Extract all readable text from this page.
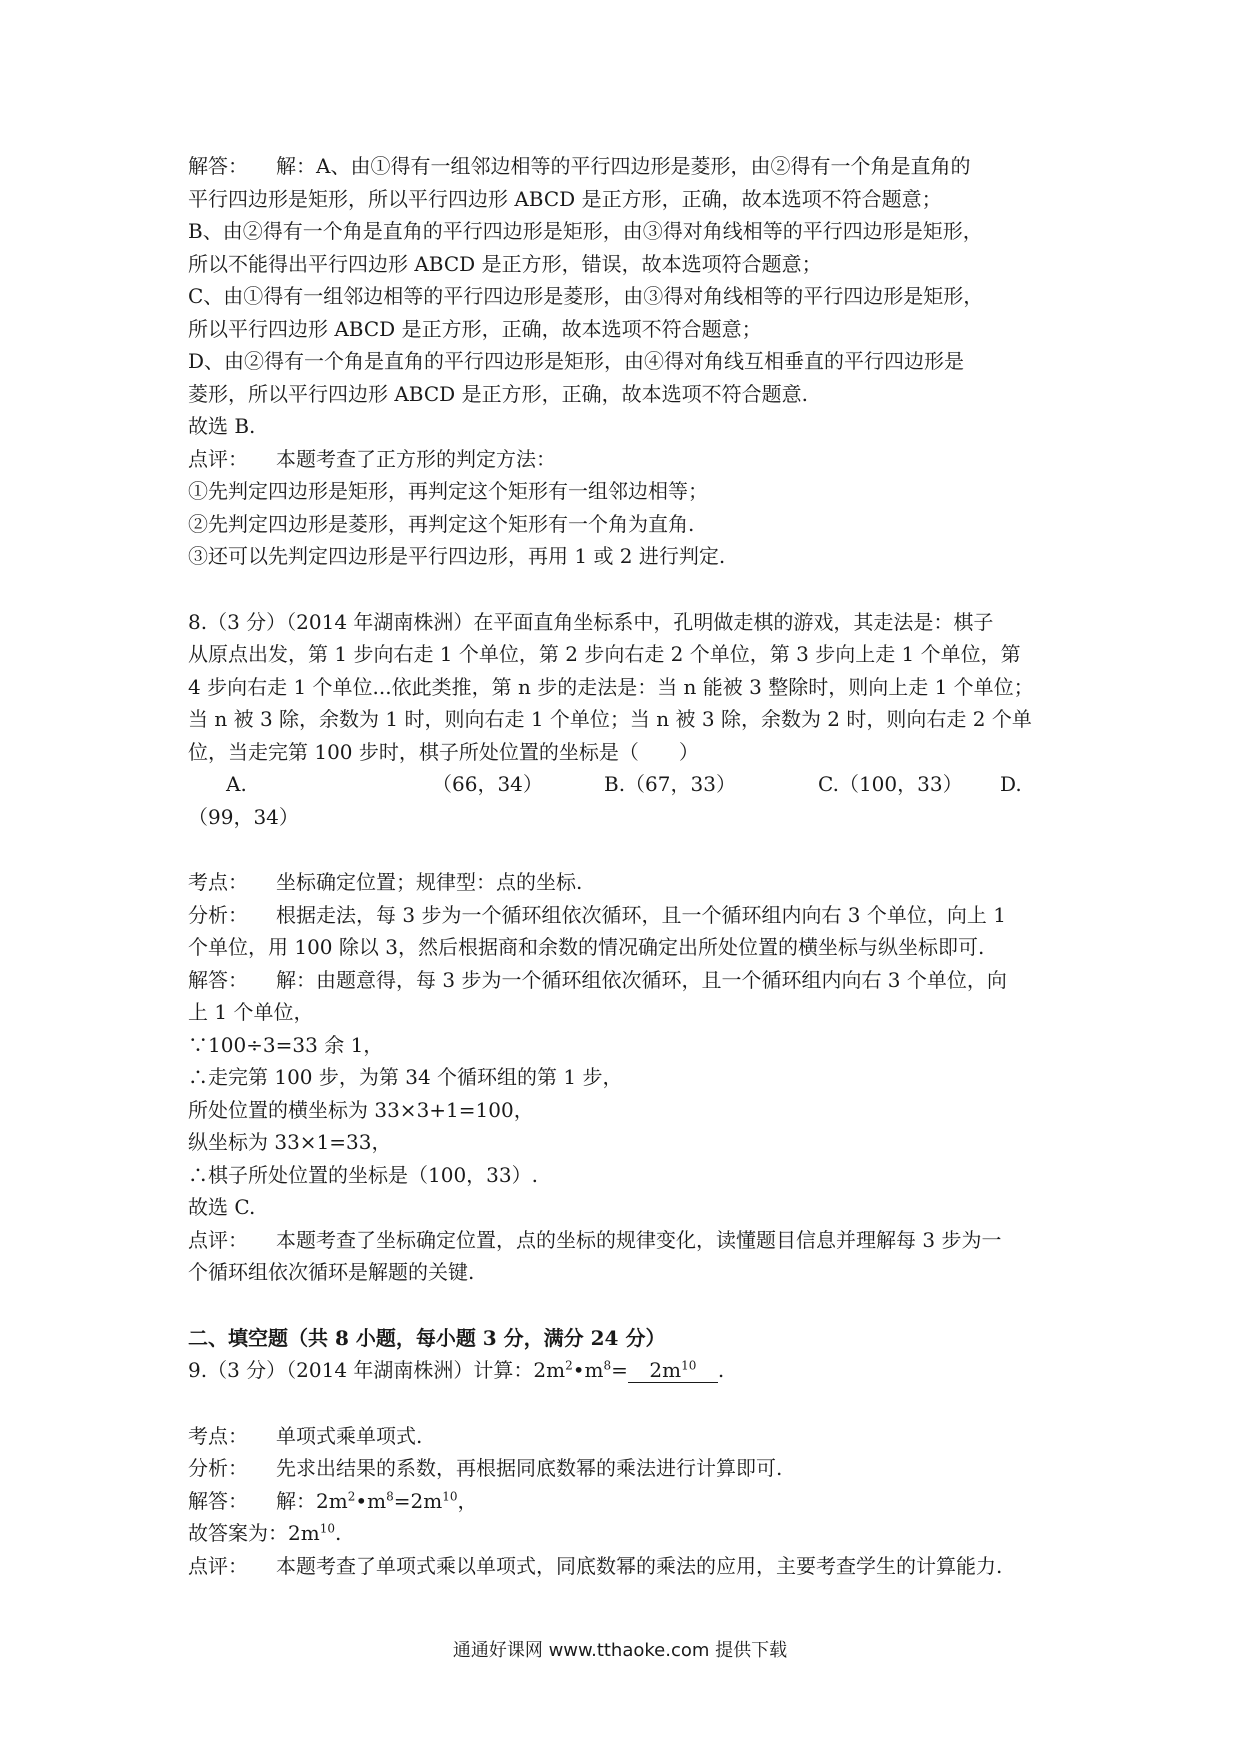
解答： 解：A、由①得有一组邻边相等的平行四边形是菱形，由②得有一个角是直角的
平行四边形是矩形，所以平行四边形 ABCD 是正方形，正确，故本选项不符合题意；
B、由②得有一个角是直角的平行四边形是矩形，由③得对角线相等的平行四边形是矩形，
所以不能得出平行四边形 ABCD 是正方形，错误，故本选项符合题意；
C、由①得有一组邻边相等的平行四边形是菱形，由③得对角线相等的平行四边形是矩形，
所以平行四边形 ABCD 是正方形，正确，故本选项不符合题意；
D、由②得有一个角是直角的平行四边形是矩形，由④得对角线互相垂直的平行四边形是
菱形，所以平行四边形 ABCD 是正方形，正确，故本选项不符合题意.
故选 B.
点评： 本题考查了正方形的判定方法：
①先判定四边形是矩形，再判定这个矩形有一组邻边相等；
②先判定四边形是菱形，再判定这个矩形有一个角为直角.
③还可以先判定四边形是平行四边形，再用 1 或 2 进行判定.
8.（3 分）（2014 年湖南株洲）在平面直角坐标系中，孔明做走棋的游戏，其走法是：棋子
从原点出发，第 1 步向右走 1 个单位，第 2 步向右走 2 个单位，第 3 步向上走 1 个单位，第
4 步向右走 1 个单位...依此类推，第 n 步的走法是：当 n 能被 3 整除时，则向上走 1 个单位；
当 n 被 3 除，余数为 1 时，则向右走 1 个单位；当 n 被 3 除，余数为 2 时，则向右走 2 个单
位，当走完第 100 步时，棋子所处位置的坐标是（　　）
A.	（66，34）	B.（67，33）	C.（100，33） D.
（99，34）
考点： 坐标确定位置；规律型：点的坐标.
分析： 根据走法，每 3 步为一个循环组依次循环，且一个循环组内向右 3 个单位，向上 1
个单位，用 100 除以 3，然后根据商和余数的情况确定出所处位置的横坐标与纵坐标即可.
解答： 解：由题意得，每 3 步为一个循环组依次循环，且一个循环组内向右 3 个单位，向
上 1 个单位，
∵100÷3=33 余 1，
∴走完第 100 步，为第 34 个循环组的第 1 步，
所处位置的横坐标为 33×3+1=100，
纵坐标为 33×1=33，
∴棋子所处位置的坐标是（100，33）.
故选 C.
点评： 本题考查了坐标确定位置，点的坐标的规律变化，读懂题目信息并理解每 3 步为一
个循环组依次循环是解题的关键.
二、填空题（共 8 小题，每小题 3 分，满分 24 分）
9.（3 分）（2014 年湖南株洲）计算：$2m^2•m^8= 2m^{10}$ .
考点： 单项式乘单项式.
分析： 先求出结果的系数，再根据同底数幂的乘法进行计算即可.
解答： 解：$2m^2•m^8=2m^{10}$，
故答案为：$2m^{10}$.
点评： 本题考查了单项式乘以单项式，同底数幂的乘法的应用，主要考查学生的计算能力.
通通好课网 www.tthaoke.com 提供下载
